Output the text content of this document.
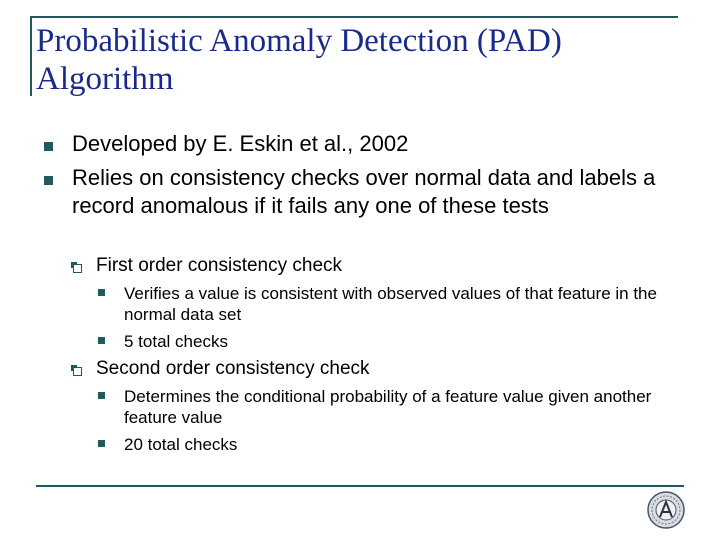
Probabilistic Anomaly Detection (PAD)
Algorithm
Developed by E. Eskin et al., 2002
Relies on consistency checks over normal data and labels a record anomalous if it fails any one of these tests
First order consistency check
Verifies a value is consistent with observed values of that feature in the normal data set
5 total checks
Second order consistency check
Determines the conditional probability of a feature value given another feature value
20 total checks
